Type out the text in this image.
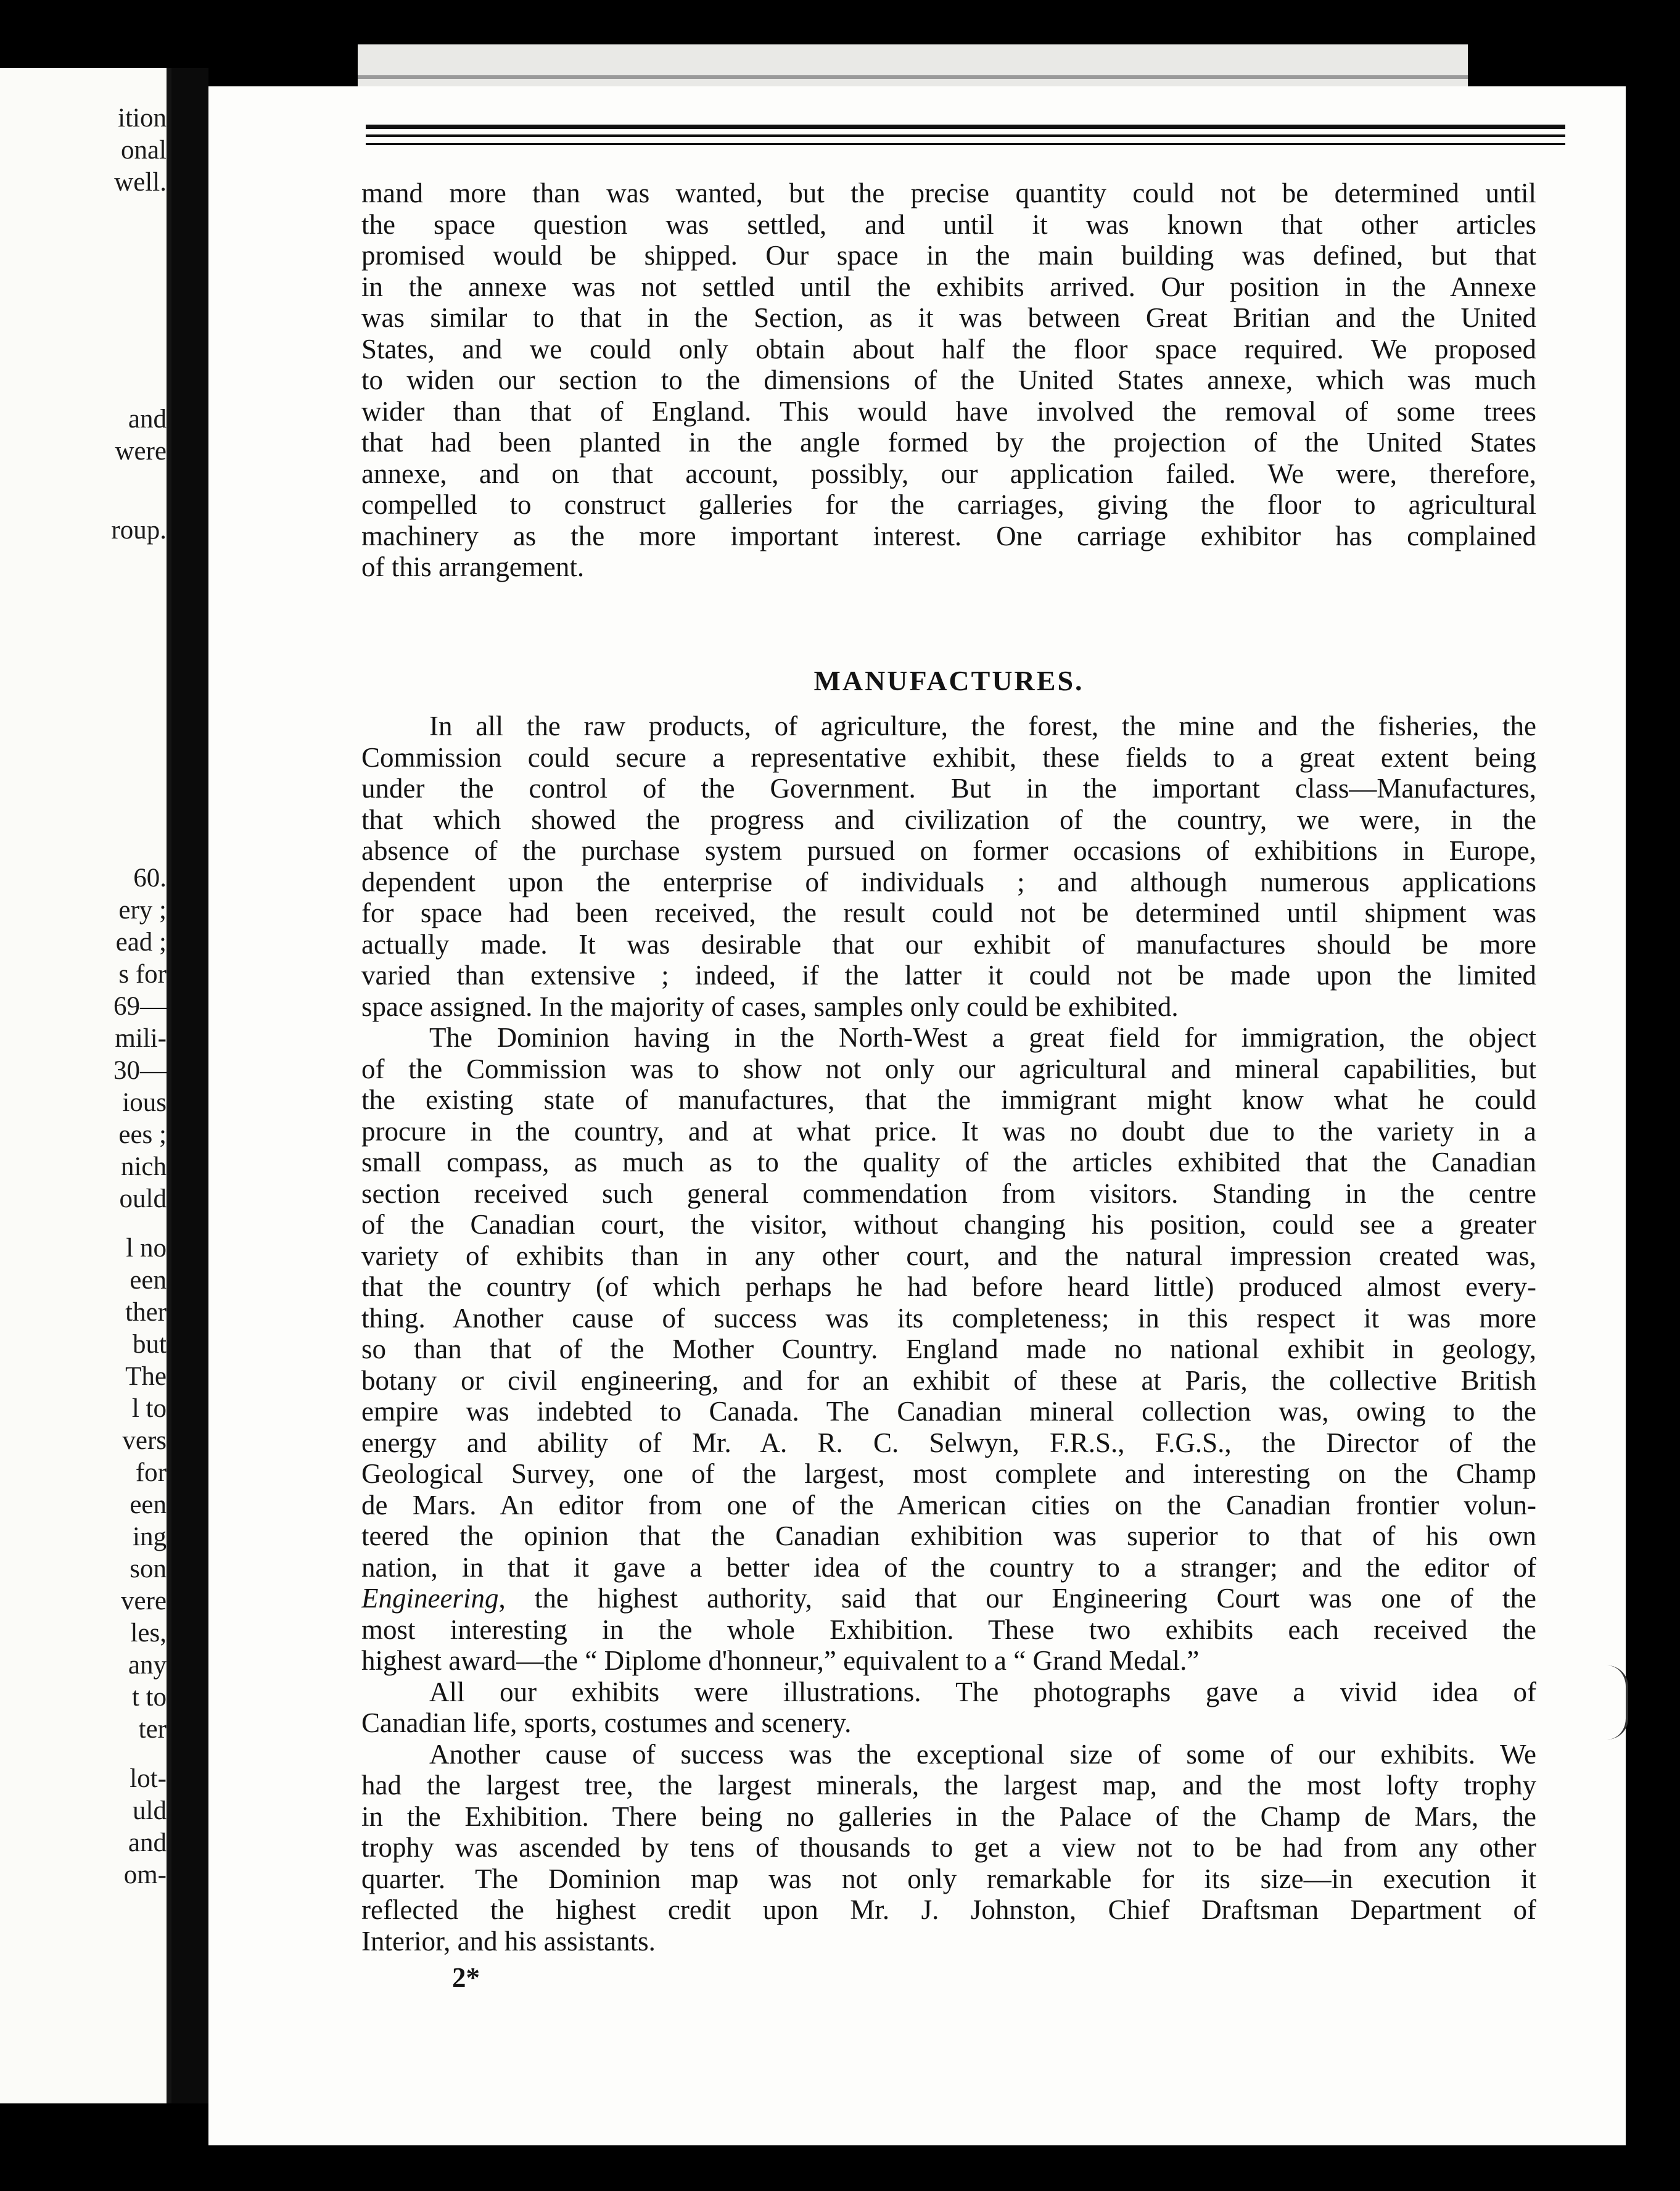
ition
onal
well.
and
were
roup.
60.
ery ;
ead ;
s for
69—
mili-
30—
ious
ees ;
nich
ould
l no
een
ther
but
The
l to
vers
for
een
ing
son
vere
les,
any
t to
ter
lot-
uld
and
om-
MANUFACTURES.
mand more than was wanted, but the precise quantity could not be determined until
the space question was settled, and until it was known that other articles
promised would be shipped. Our space in the main building was defined, but that
in the annexe was not settled until the exhibits arrived. Our position in the Annexe
was similar to that in the Section, as it was between Great Britian and the United
States, and we could only obtain about half the floor space required. We proposed
to widen our section to the dimensions of the United States annexe, which was much
wider than that of England. This would have involved the removal of some trees
that had been planted in the angle formed by the projection of the United States
annexe, and on that account, possibly, our application failed. We were, therefore,
compelled to construct galleries for the carriages, giving the floor to agricultural
machinery as the more important interest. One carriage exhibitor has complained
of this arrangement.
In all the raw products, of agriculture, the forest, the mine and the fisheries, the
Commission could secure a representative exhibit, these fields to a great extent being
under the control of the Government. But in the important class—Manufactures,
that which showed the progress and civilization of the country, we were, in the
absence of the purchase system pursued on former occasions of exhibitions in Europe,
dependent upon the enterprise of individuals ; and although numerous applications
for space had been received, the result could not be determined until shipment was
actually made. It was desirable that our exhibit of manufactures should be more
varied than extensive ; indeed, if the latter it could not be made upon the limited
space assigned. In the majority of cases, samples only could be exhibited.
The Dominion having in the North-West a great field for immigration, the object
of the Commission was to show not only our agricultural and mineral capabilities, but
the existing state of manufactures, that the immigrant might know what he could
procure in the country, and at what price. It was no doubt due to the variety in a
small compass, as much as to the quality of the articles exhibited that the Canadian
section received such general commendation from visitors. Standing in the centre
of the Canadian court, the visitor, without changing his position, could see a greater
variety of exhibits than in any other court, and the natural impression created was,
that the country (of which perhaps he had before heard little) produced almost every-
thing. Another cause of success was its completeness; in this respect it was more
so than that of the Mother Country. England made no national exhibit in geology,
botany or civil engineering, and for an exhibit of these at Paris, the collective British
empire was indebted to Canada. The Canadian mineral collection was, owing to the
energy and ability of Mr. A. R. C. Selwyn, F.R.S., F.G.S., the Director of the
Geological Survey, one of the largest, most complete and interesting on the Champ
de Mars. An editor from one of the American cities on the Canadian frontier volun-
teered the opinion that the Canadian exhibition was superior to that of his own
nation, in that it gave a better idea of the country to a stranger; and the editor of
Engineering, the highest authority, said that our Engineering Court was one of the
most interesting in the whole Exhibition. These two exhibits each received the
highest award—the “ Diplome d'honneur,” equivalent to a “ Grand Medal.”
All our exhibits were illustrations. The photographs gave a vivid idea of
Canadian life, sports, costumes and scenery.
Another cause of success was the exceptional size of some of our exhibits. We
had the largest tree, the largest minerals, the largest map, and the most lofty trophy
in the Exhibition. There being no galleries in the Palace of the Champ de Mars, the
trophy was ascended by tens of thousands to get a view not to be had from any other
quarter. The Dominion map was not only remarkable for its size—in execution it
reflected the highest credit upon Mr. J. Johnston, Chief Draftsman Department of
Interior, and his assistants.
2*
